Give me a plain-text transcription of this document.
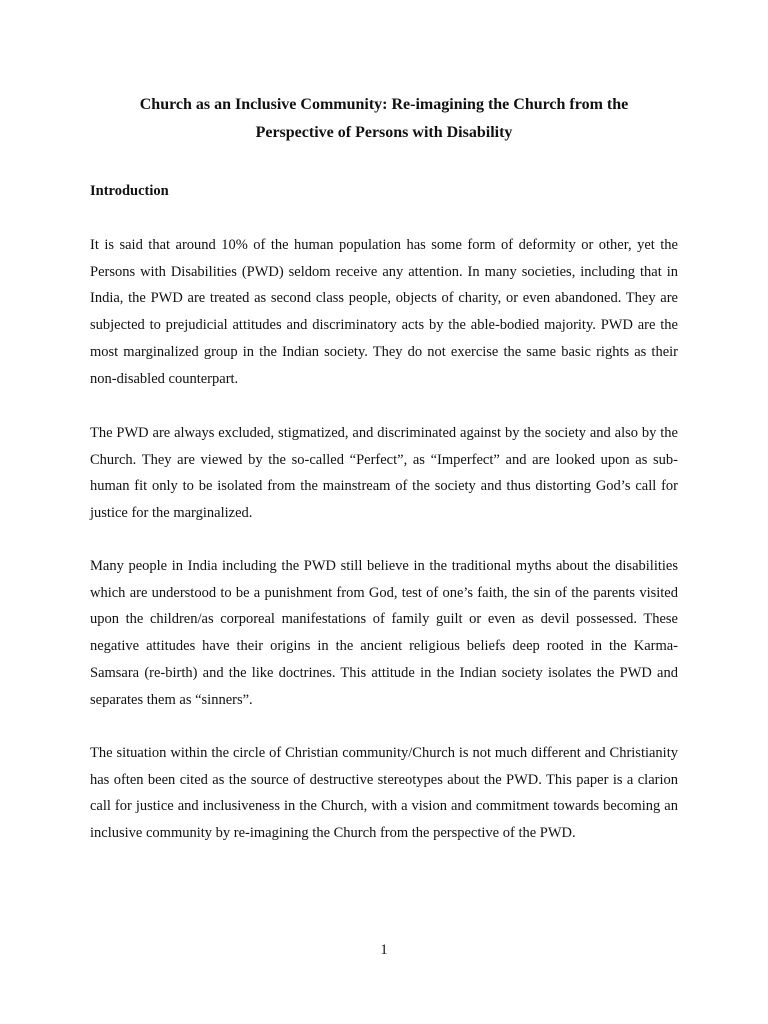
Church as an Inclusive Community: Re-imagining the Church from the
Perspective of Persons with Disability
Introduction

It is said that around 10% of the human population has some form of deformity or other, yet the Persons with Disabilities (PWD) seldom receive any attention. In many societies, including that in India, the PWD are treated as second class people, objects of charity, or even abandoned. They are subjected to prejudicial attitudes and discriminatory acts by the able-bodied majority. PWD are the most marginalized group in the Indian society. They do not exercise the same basic rights as their non-disabled counterpart.

The PWD are always excluded, stigmatized, and discriminated against by the society and also by the Church. They are viewed by the so-called “Perfect”, as “Imperfect” and are looked upon as sub-human fit only to be isolated from the mainstream of the society and thus distorting God’s call for justice for the marginalized.

Many people in India including the PWD still believe in the traditional myths about the disabilities which are understood to be a punishment from God, test of one’s faith, the sin of the parents visited upon the children/as corporeal manifestations of family guilt or even as devil possessed. These negative attitudes have their origins in the ancient religious beliefs deep rooted in the Karma-Samsara (re-birth) and the like doctrines. This attitude in the Indian society isolates the PWD and separates them as “sinners”.

The situation within the circle of Christian community/Church is not much different and Christianity has often been cited as the source of destructive stereotypes about the PWD. This paper is a clarion call for justice and inclusiveness in the Church, with a vision and commitment towards becoming an inclusive community by re-imagining the Church from the perspective of the PWD.

1
